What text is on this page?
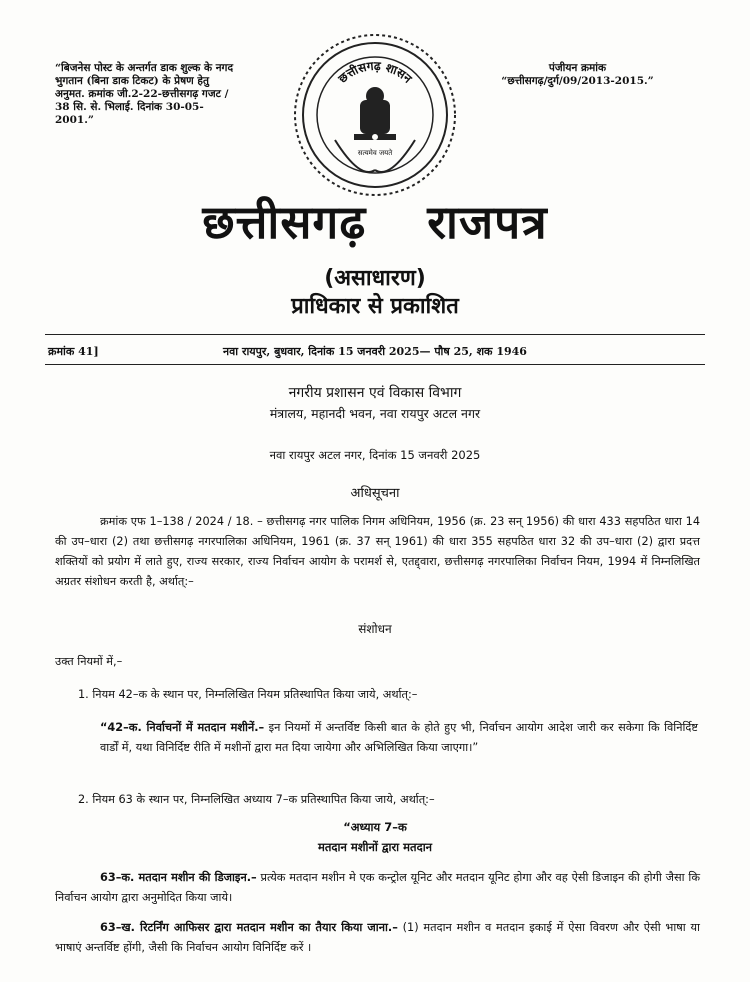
“बिजनेस पोस्ट के अन्तर्गत डाक शुल्क के नगद भुगतान (बिना डाक टिकट) के प्रेषण हेतु अनुमत. क्रमांक जी.2-22-छत्तीसगढ़ गजट / 38 सि. से. भिलाई. दिनांक 30-05-2001.”
पंजीयन क्रमांक
“छत्तीसगढ़/दुर्ग/09/2013-2015.”
छत्तीसगढ़ शासन
सत्यमेव जयते
छत्तीसगढ़ राजपत्र
(असाधारण)
प्राधिकार से प्रकाशित
क्रमांक 41]	नवा रायपुर, बुधवार, दिनांक 15 जनवरी 2025— पौष 25, शक 1946
नगरीय प्रशासन एवं विकास विभाग
मंत्रालय, महानदी भवन, नवा रायपुर अटल नगर
नवा रायपुर अटल नगर, दिनांक 15 जनवरी 2025
अधिसूचना
क्रमांक एफ 1–138 / 2024 / 18. – छत्तीसगढ़ नगर पालिक निगम अधिनियम, 1956 (क्र. 23 सन् 1956) की धारा 433 सहपठित धारा 14 की उप–धारा (2) तथा छत्तीसगढ़ नगरपालिका अधिनियम, 1961 (क्र. 37 सन् 1961) की धारा 355 सहपठित धारा 32 की उप–धारा (2) द्वारा प्रदत्त शक्तियों को प्रयोग में लाते हुए, राज्य सरकार, राज्य निर्वाचन आयोग के परामर्श से, एतद्द्वारा, छत्तीसगढ़ नगरपालिका निर्वाचन नियम, 1994 में निम्नलिखित अग्रतर संशोधन करती है, अर्थात्:–
संशोधन
उक्त नियमों में,–
1. नियम 42–क के स्थान पर, निम्नलिखित नियम प्रतिस्थापित किया जाये, अर्थात्:–
“42–क. निर्वाचनों में मतदान मशीनें.– इन नियमों में अन्तर्विष्ट किसी बात के होते हुए भी, निर्वाचन आयोग आदेश जारी कर सकेगा कि विनिर्दिष्ट वार्डों में, यथा विनिर्दिष्ट रीति में मशीनों द्वारा मत दिया जायेगा और अभिलिखित किया जाएगा।”
2. नियम 63 के स्थान पर, निम्नलिखित अध्याय 7–क प्रतिस्थापित किया जाये, अर्थात्:–
“अध्याय 7–क
मतदान मशीनों द्वारा मतदान
63–क. मतदान मशीन की डिजाइन.– प्रत्येक मतदान मशीन मे एक कन्ट्रोल यूनिट और मतदान यूनिट होगा और वह ऐसी डिजाइन की होगी जैसा कि निर्वाचन आयोग द्वारा अनुमोदित किया जाये।
63–ख. रिटर्निंग आफिसर द्वारा मतदान मशीन का तैयार किया जाना.– (1) मतदान मशीन व मतदान इकाई में ऐसा विवरण और ऐसी भाषा या भाषाएं अन्तर्विष्ट होंगी, जैसी कि निर्वाचन आयोग विनिर्दिष्ट करें ।
